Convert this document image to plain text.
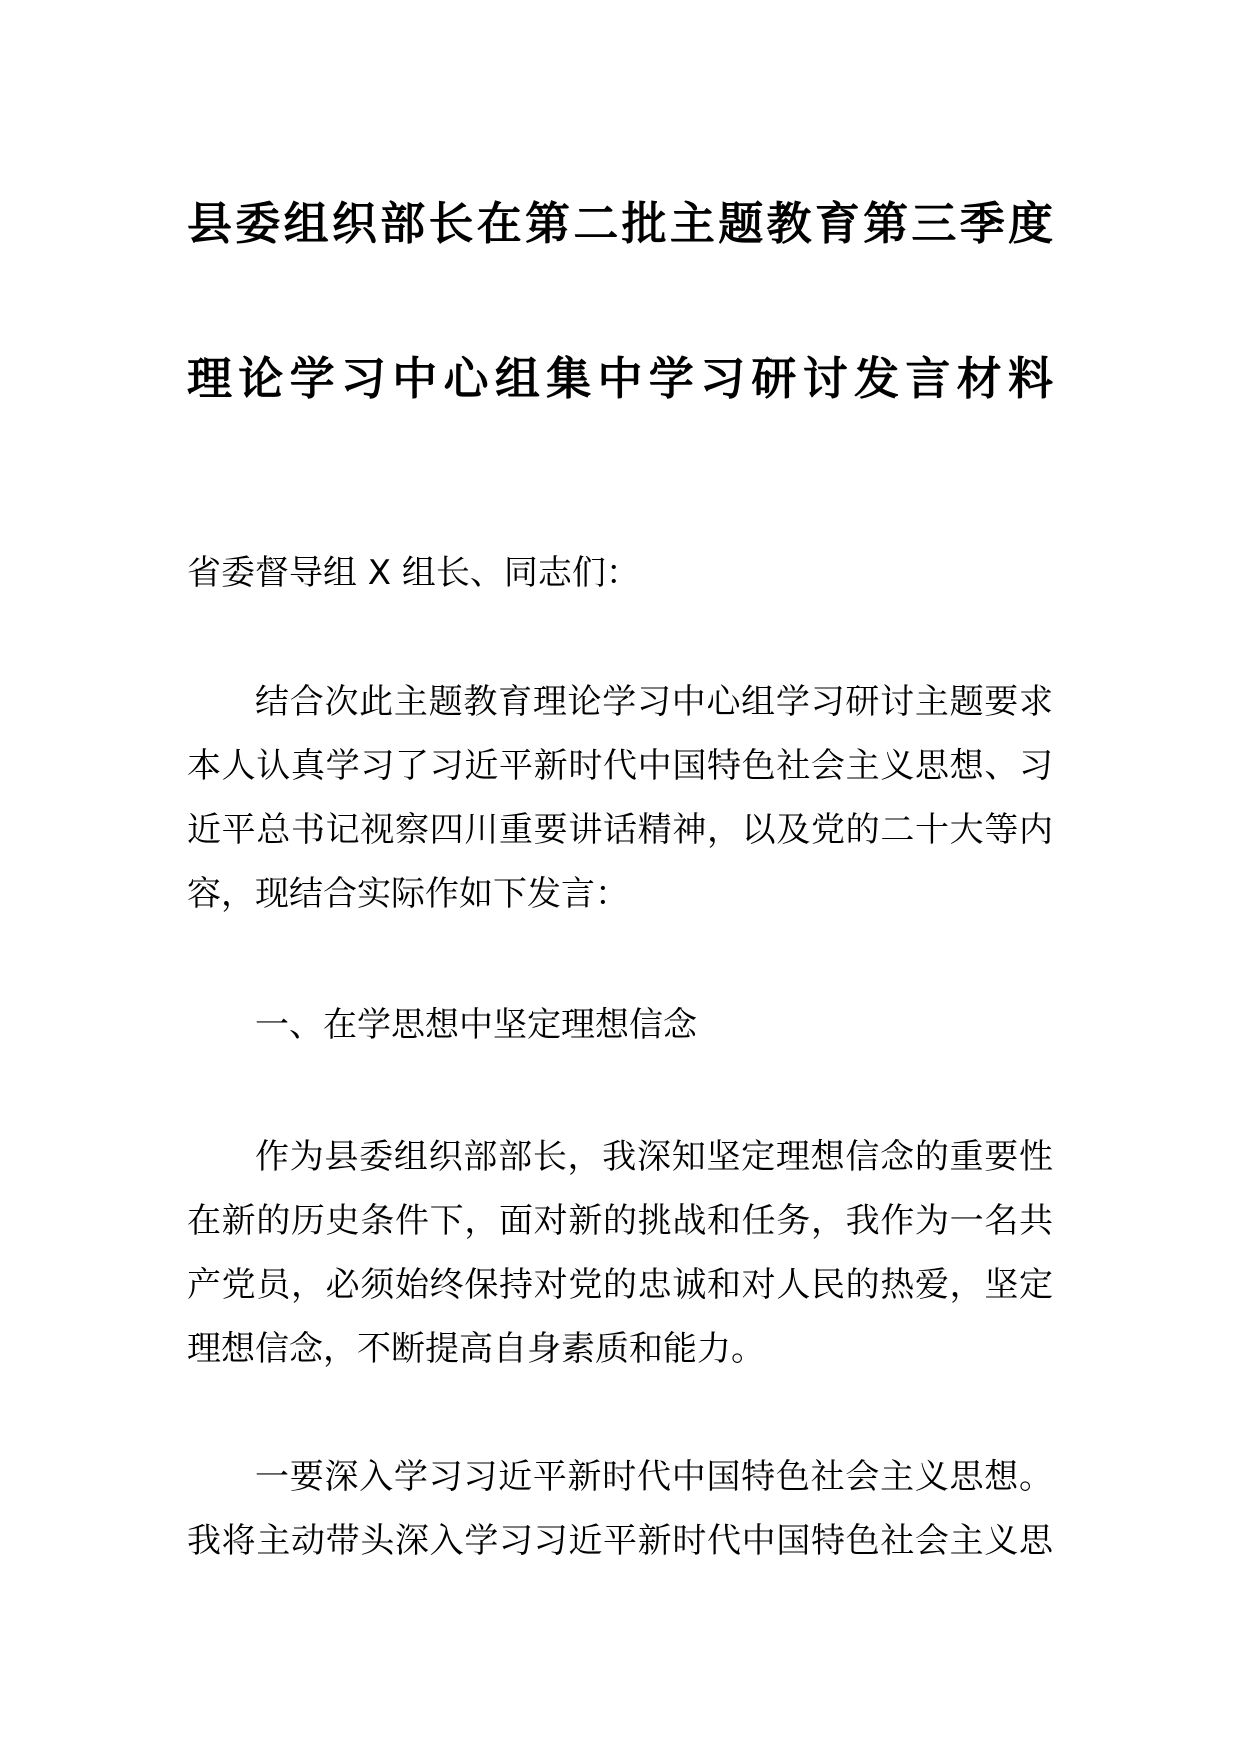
县委组织部长在第二批主题教育第三季度
理论学习中心组集中学习研讨发言材料
省委督导组 X 组长、同志们：
结合次此主题教育理论学习中心组学习研讨主题要求
本人认真学习了习近平新时代中国特色社会主义思想、习
近平总书记视察四川重要讲话精神，以及党的二十大等内
容，现结合实际作如下发言：
一、在学思想中坚定理想信念
作为县委组织部部长，我深知坚定理想信念的重要性
在新的历史条件下，面对新的挑战和任务，我作为一名共
产党员，必须始终保持对党的忠诚和对人民的热爱，坚定
理想信念，不断提高自身素质和能力。
一要深入学习习近平新时代中国特色社会主义思想。
我将主动带头深入学习习近平新时代中国特色社会主义思
